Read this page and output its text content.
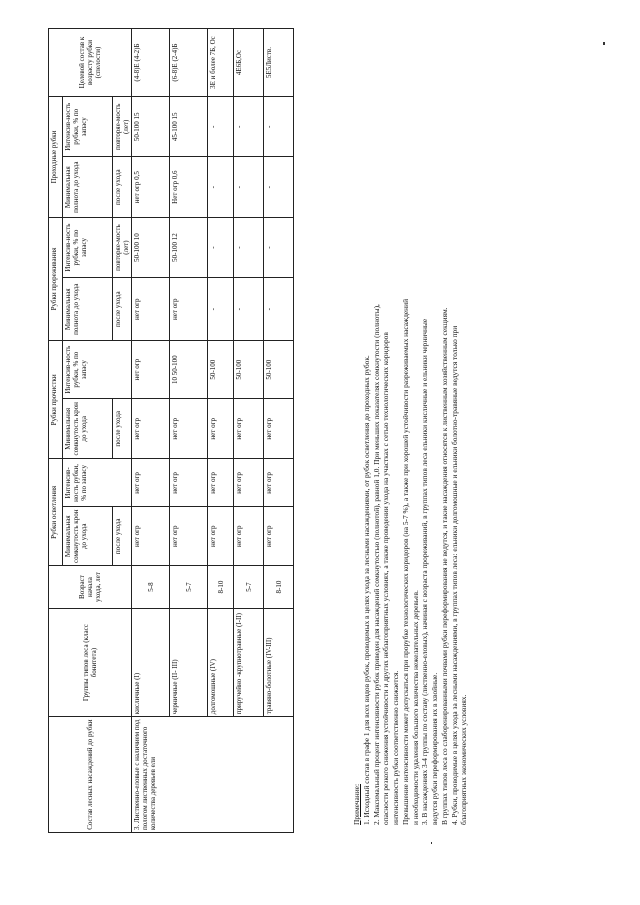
Состав лесных насаждений до рубки	Группы типов леса (класс бонитета)	Возраст начала ухода, лет	Рубки осветления		Рубки прочистки		Рубки прореживания		Проходные рубки		Целевой состав к возрасту рубки (спелости)
			Минимальная сомкнутость крон до ухода	Интенсив-ность рубки, % по запасу	Минимальная сомкнутость крон до ухода	Интенсив-ность рубки, % по запасу	Минимальная полнота до ухода	Интенсив-ность рубки, % по запасу	Минимальная полнота до ухода	Интенсив-ность рубки, % по запасу	
			после ухода		после ухода		после ухода	повторяе-мость (лет)	после ухода	повторяе-мость (лет)	
3. Лиственно-еловые с наличием под пологом лиственных достаточного количества деревьев ели	кисличные (I)	5-8	нет огр	нет огр	нет огр	нет огр	нет огр	50-100 10	нет огр 0,5	50-100 15	(4-8)Е (4-2)Б
	черничные (II- III)	5-7	нет огр	нет огр	нет огр	10 50-100	нет огр	50-100 12	Нет огр 0,6	45-100 15	(6-8)Е (2-4)Б
	долгомошные (IV)	8-10	нет огр	нет огр	нет огр	50-100	-	-	-	-	3Е и более 7Б, Ос
	приручейно -крупнотравные (I-II)	5-7	нет огр	нет огр	нет огр	50-100	-	-	-	-	4Е6Б,Ос
	травяно-болотные (IV-III)	8-10	нет огр	нет огр	нет огр	50-100	-	-	-	-	5Е5Листв.
Примечание: 1. Исходный состав в графе 1 для всех видов рубок, проводимых в целях ухода за лесными насаждениями, от рубок осветления до проходных рубок. 2. Максимальный процент интенсивности рубок приведен для насаждений сомкнутостью (полнотой), равной 1,0. При меньших показателях сомкнутости (полноты), опасности резкого снижения устойчивости и других неблагоприятных условиях, а также проведении ухода на участках с сетью технологических коридоров интенсивность рубки соответственно снижается. Превышение интенсивности может допускаться при прорубке технологических коридоров (на 5-7 %), а также при хорошей устойчивости разреживаемых насаждений и необходимости удаления большого количества нежелательных деревьев. 3. В насаждениях 3-4 группы по составу (лиственно-еловых), начиная с возраста прореживаний, в группах типов леса ельники кисличные и ельники черничные ведутся рубки переформирования их в хвойные. В группах типов леса со слаборенированными почвами рубки переформирования не ведутся, и такие насаждения относятся к лиственным хозяйственным секциям. 4. Рубки, проводимые в целях ухода за лесными насаждениями, в группах типов леса: ельники долгомошные и ельники болотно-травяные ведутся только при благоприятных экономических условиях.
